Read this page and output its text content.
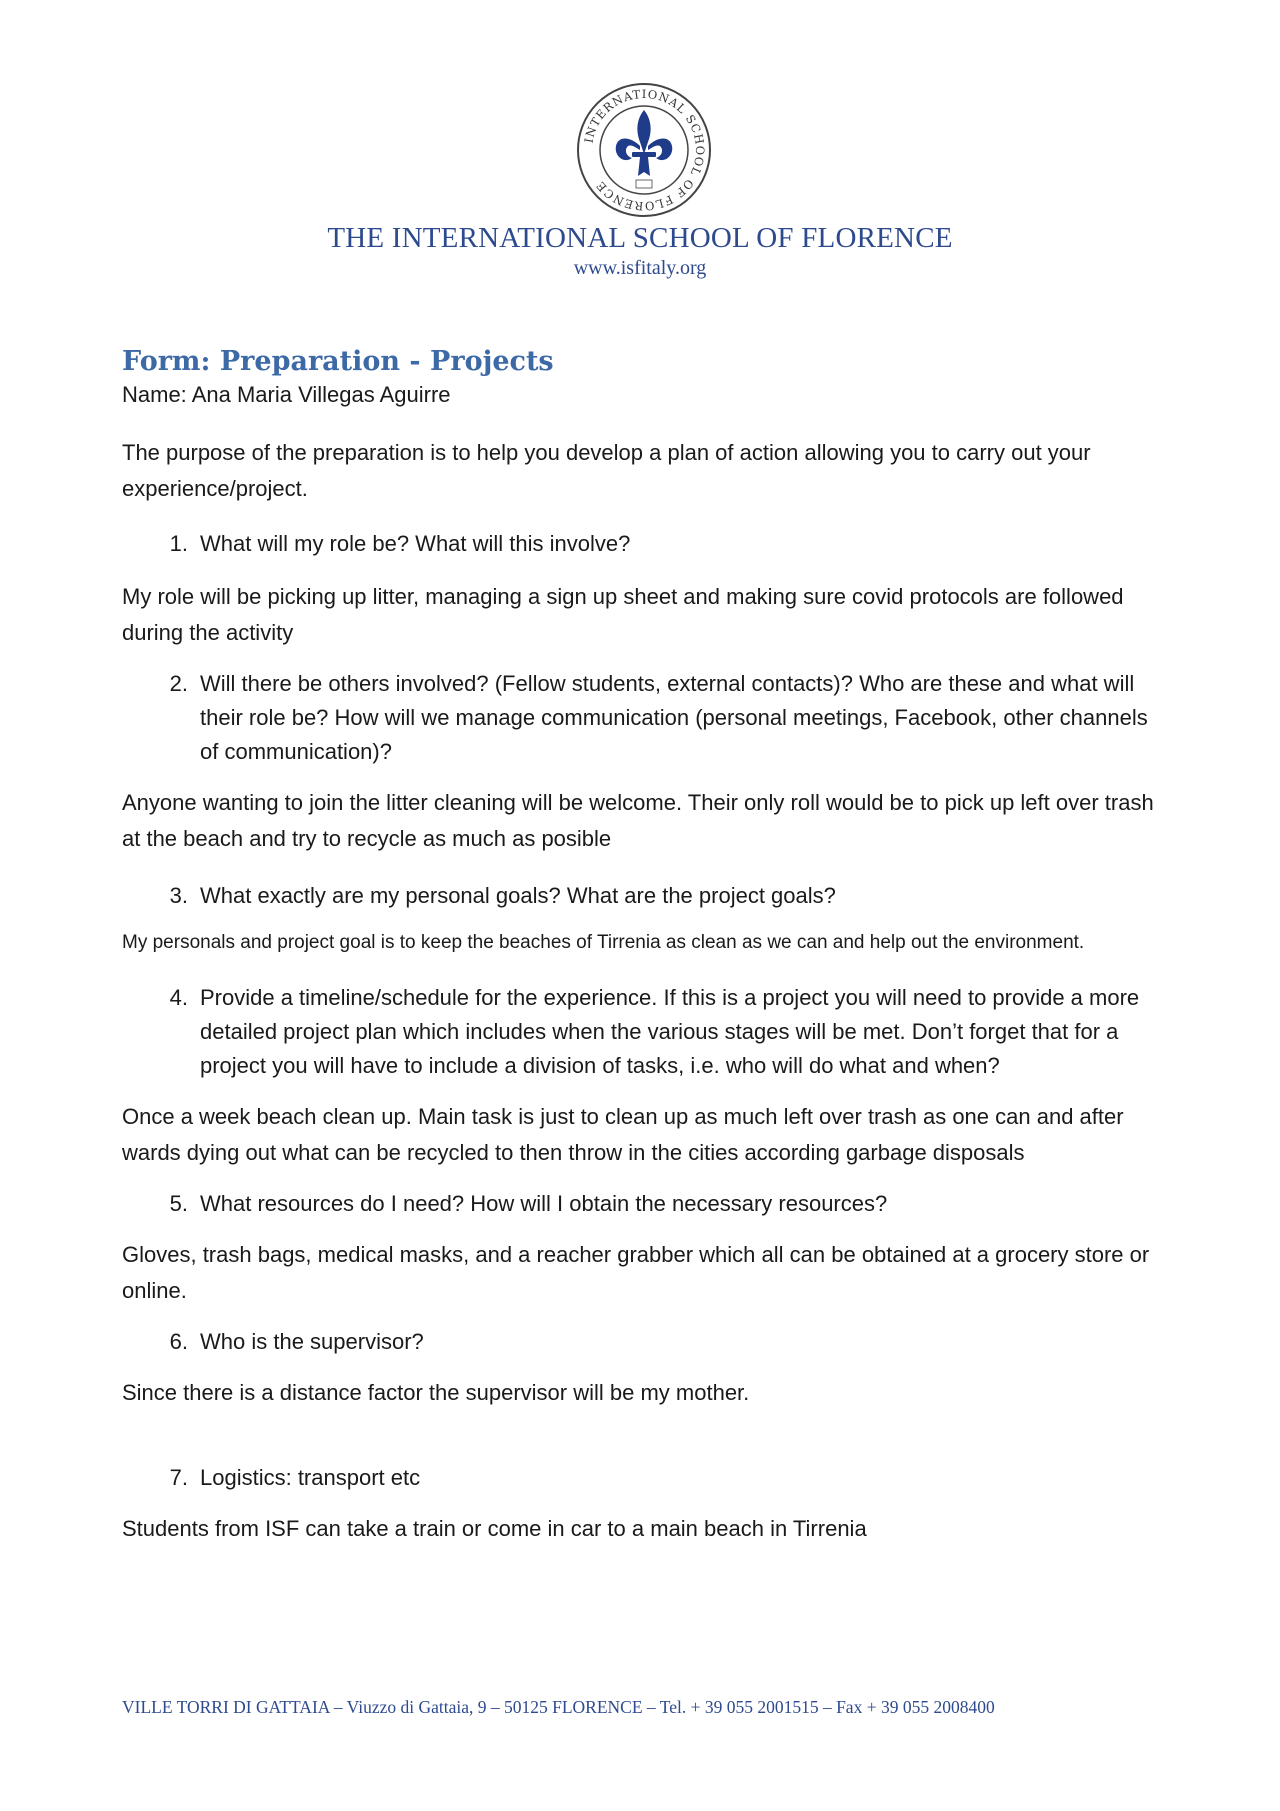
INTERNATIONAL SCHOOL OF FLORENCE
THE INTERNATIONAL SCHOOL OF FLORENCE
www.isfitaly.org
Form: Preparation - Projects

Name: Ana Maria Villegas Aguirre

The purpose of the preparation is to help you develop a plan of action allowing you to carry out your experience/project.

1. What will my role be? What will this involve?

My role will be picking up litter, managing a sign up sheet and making sure covid protocols are followed during the activity

2. Will there be others involved? (Fellow students, external contacts)? Who are these and what will their role be? How will we manage communication (personal meetings, Facebook, other channels of communication)?

Anyone wanting to join the litter cleaning will be welcome. Their only roll would be to pick up left over trash at the beach and try to recycle as much as posible

3. What exactly are my personal goals? What are the project goals?

My personals and project goal is to keep the beaches of Tirrenia as clean as we can and help out the environment.

4. Provide a timeline/schedule for the experience. If this is a project you will need to provide a more detailed project plan which includes when the various stages will be met. Don’t forget that for a project you will have to include a division of tasks, i.e. who will do what and when?

Once a week beach clean up. Main task is just to clean up as much left over trash as one can and after wards dying out what can be recycled to then throw in the cities according garbage disposals

5. What resources do I need? How will I obtain the necessary resources?

Gloves, trash bags, medical masks, and a reacher grabber which all can be obtained at a grocery store or online.

6. Who is the supervisor?

Since there is a distance factor the supervisor will be my mother.

7. Logistics: transport etc

Students from ISF can take a train or come in car to a main beach in Tirrenia

VILLE TORRI DI GATTAIA – Viuzzo di Gattaia, 9 – 50125 FLORENCE – Tel. + 39 055 2001515 – Fax + 39 055 2008400
